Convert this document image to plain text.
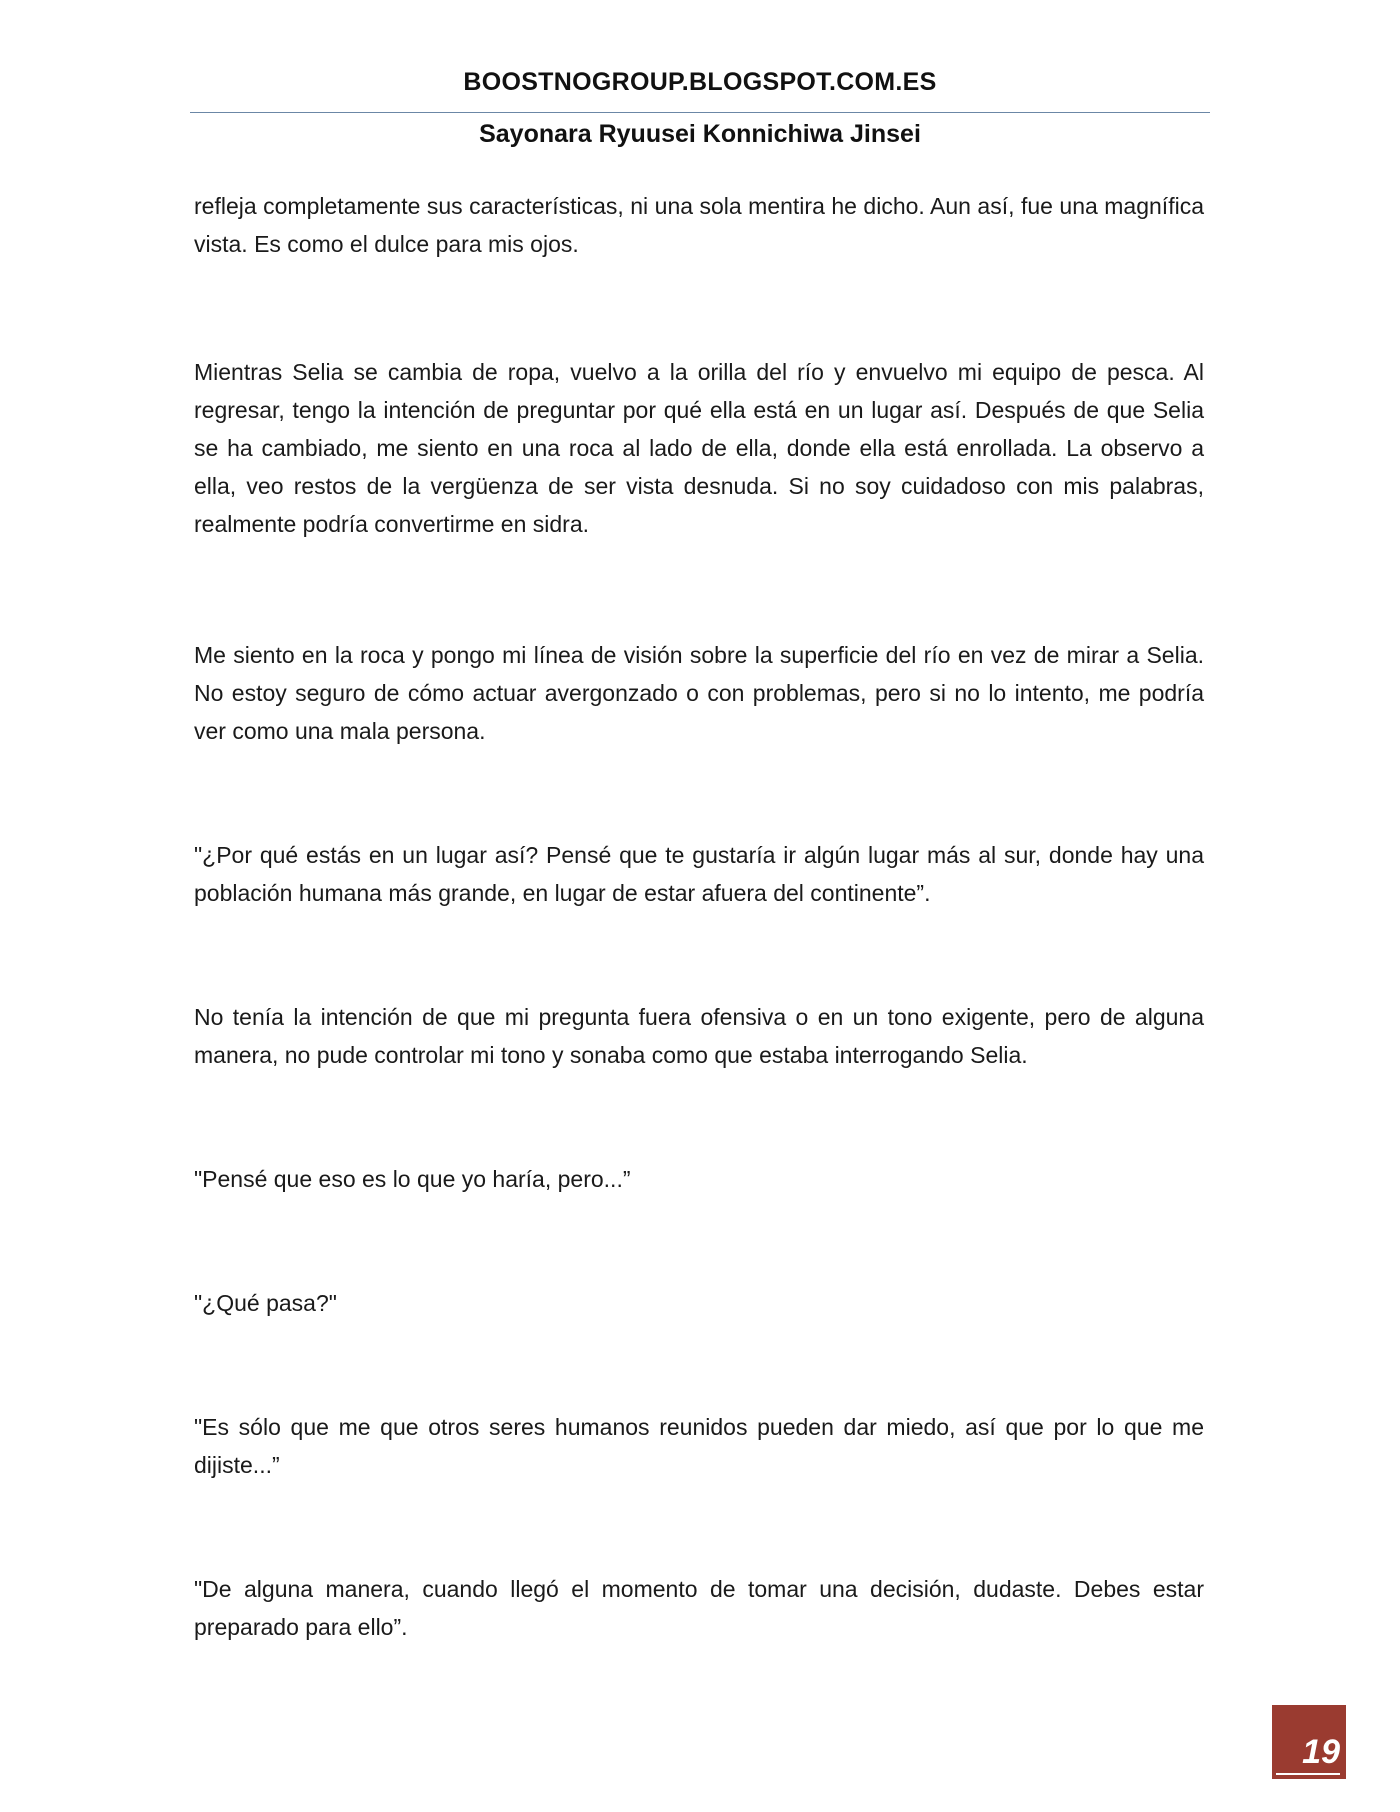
BOOSTNOGROUP.BLOGSPOT.COM.ES
Sayonara Ryuusei Konnichiwa Jinsei

refleja completamente sus características, ni una sola mentira he dicho. Aun así, fue una magnífica vista. Es como el dulce para mis ojos.

Mientras Selia se cambia de ropa, vuelvo a la orilla del río y envuelvo mi equipo de pesca. Al regresar, tengo la intención de preguntar por qué ella está en un lugar así. Después de que Selia se ha cambiado, me siento en una roca al lado de ella, donde ella está enrollada. La observo a ella, veo restos de la vergüenza de ser vista desnuda. Si no soy cuidadoso con mis palabras, realmente podría convertirme en sidra.

Me siento en la roca y pongo mi línea de visión sobre la superficie del río en vez de mirar a Selia. No estoy seguro de cómo actuar avergonzado o con problemas, pero si no lo intento, me podría ver como una mala persona.

"¿Por qué estás en un lugar así? Pensé que te gustaría ir algún lugar más al sur, donde hay una población humana más grande, en lugar de estar afuera del continente”.

No tenía la intención de que mi pregunta fuera ofensiva o en un tono exigente, pero de alguna manera, no pude controlar mi tono y sonaba como que estaba interrogando Selia.

"Pensé que eso es lo que yo haría, pero...”

"¿Qué pasa?"

"Es sólo que me que otros seres humanos reunidos pueden dar miedo, así que por lo que me dijiste...”

"De alguna manera, cuando llegó el momento de tomar una decisión, dudaste. Debes estar preparado para ello”.

19
